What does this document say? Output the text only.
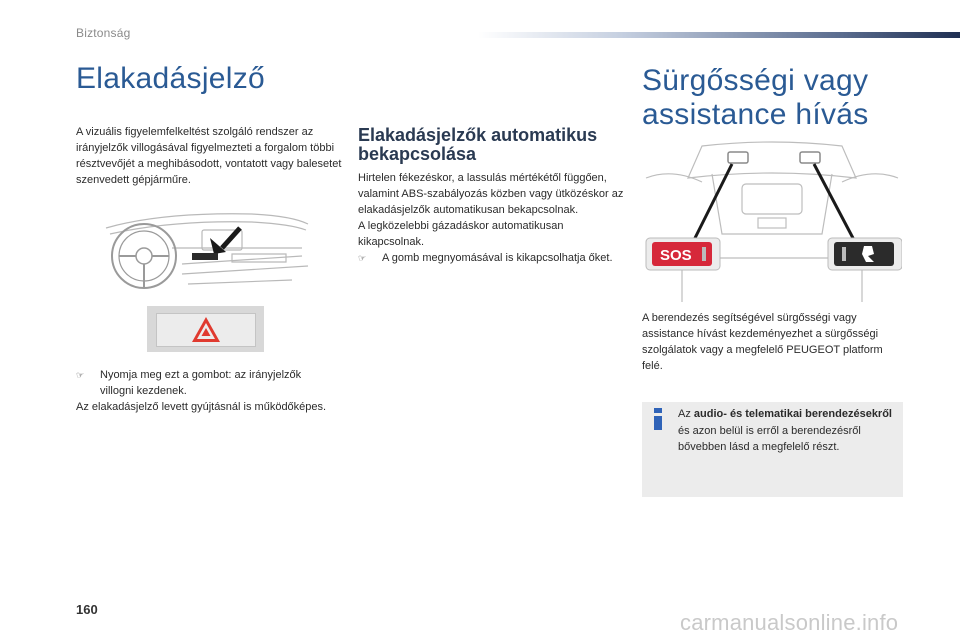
Biztonság
Elakadásjelző
A vizuális figyelemfelkeltést szolgáló rendszer az irányjelzők villogásával figyelmezteti a forgalom többi résztvevőjét a meghibásodott, vontatott vagy balesetet szenvedett gépjárműre.
☞ Nyomja meg ezt a gombot: az irányjelzők villogni kezdenek.
Az elakadásjelző levett gyújtásnál is működőképes.
Elakadásjelzők automatikus bekapcsolása
Hirtelen fékezéskor, a lassulás mértékétől függően, valamint ABS-szabályozás közben vagy ütközéskor az elakadásjelzők automatikusan bekapcsolnak.
A legközelebbi gázadáskor automatikusan kikapcsolnak.
☞ A gomb megnyomásával is kikapcsolhatja őket.
Sürgősségi vagy assistance hívás
SOS
A berendezés segítségével sürgősségi vagy assistance hívást kezdeményezhet a sürgősségi szolgálatok vagy a megfelelő PEUGEOT platform felé.
Az audio- és telematikai berendezésekről és azon belül is erről a berendezésről bővebben lásd a megfelelő részt.
160
carmanualsonline.info
